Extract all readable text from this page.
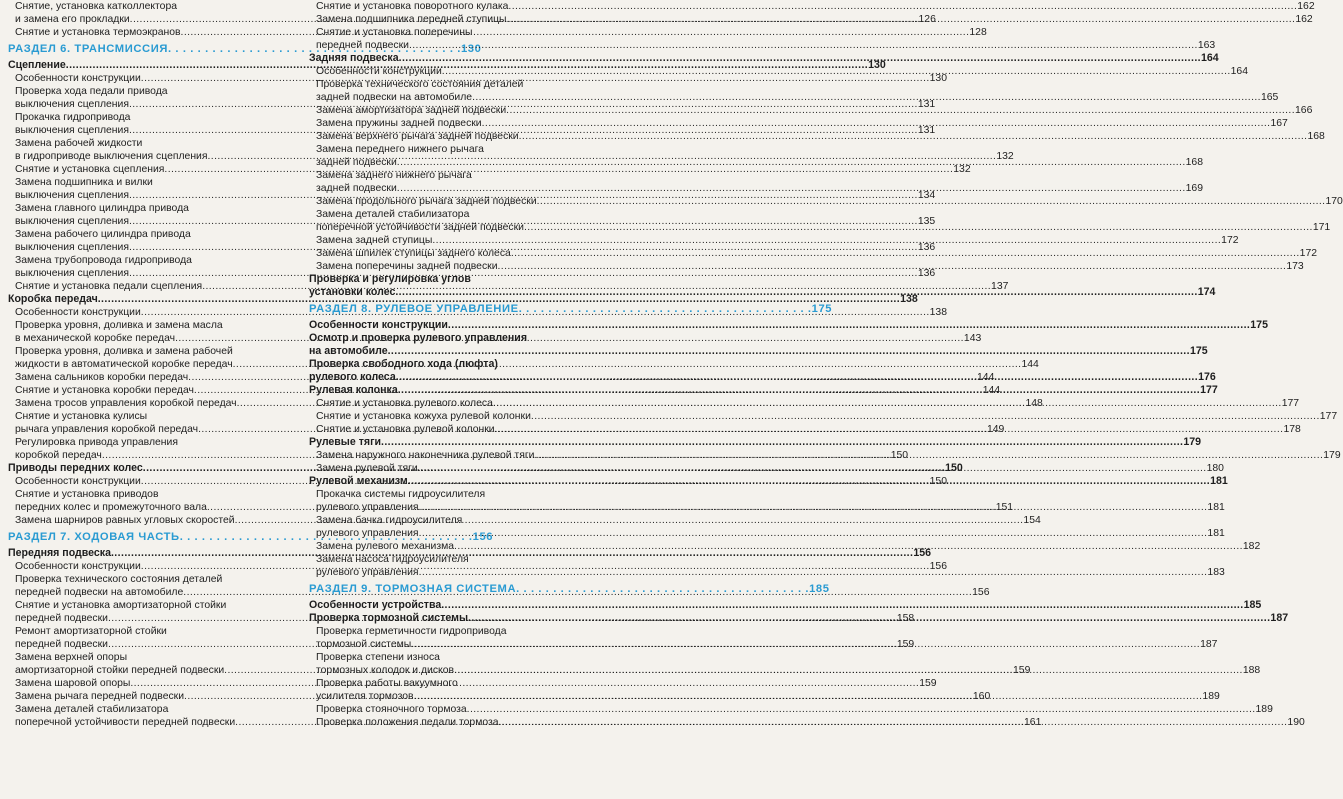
Снятие, установка катколлектора
и замена его прокладки .....	126
Снятие и установка термоэкранов .....	128
РАЗДЕЛ 6. ТРАНСМИССИЯ . . .	130
Сцепление .....	130
Особенности конструкции .....	130
Проверка хода педали привода
выключения сцепления .....	131
Прокачка гидропривода
выключения сцепления .....	131
Замена рабочей жидкости
в гидроприводе выключения сцепления .....	132
Снятие и установка сцепления .....	132
Замена подшипника и вилки
выключения сцепления .....	134
Замена главного цилиндра привода
выключения сцепления .....	135
Замена рабочего цилиндра привода
выключения сцепления .....	136
Замена трубопровода гидропривода
выключения сцепления .....	136
Снятие и установка педали сцепления .....	137
Коробка передач .....	138
Особенности конструкции .....	138
Проверка уровня, доливка и замена масла
в механической коробке передач .....	143
Проверка уровня, доливка и замена рабочей
жидкости в автоматической коробке передач .....	144
Замена сальников коробки передач .....	144
Снятие и установка коробки передач .....	144
Замена тросов управления коробкой передач .....	148
Снятие и установка кулисы
рычага управления коробкой передач .....	149
Регулировка привода управления
коробкой передач .....	150
Приводы передних колес .....	150
Особенности конструкции .....	150
Снятие и установка приводов
передних колес и промежуточного вала .....	151
Замена шарниров равных угловых скоростей .....	154
РАЗДЕЛ 7. ХОДОВАЯ ЧАСТЬ . . .	156
Передняя подвеска .....	156
Особенности конструкции .....	156
Проверка технического состояния деталей
передней подвески на автомобиле .....	156
Снятие и установка амортизаторной стойки
передней подвески .....	158
Ремонт амортизаторной стойки
передней подвески .....	159
Замена верхней опоры
амортизаторной стойки передней подвески .....	159
Замена шаровой опоры .....	159
Замена рычага передней подвески .....	160
Замена деталей стабилизатора
поперечной устойчивости передней подвески .....	161
Снятие и установка поворотного кулака .....	162
Замена подшипника передней ступицы .....	162
Снятие и установка поперечины
передней подвески .....	163
Задняя подвеска .....	164
Особенности конструкции .....	164
Проверка технического состояния деталей
задней подвески на автомобиле .....	165
Замена амортизатора задней подвески .....	166
Замена пружины задней подвески .....	167
Замена верхнего рычага задней подвески .....	168
Замена переднего нижнего рычага
задней подвески .....	168
Замена заднего нижнего рычага
задней подвески .....	169
Замена продольного рычага задней подвески .....	170
Замена деталей стабилизатора
поперечной устойчивости задней подвески .....	171
Замена задней ступицы .....	172
Замена шпилек ступицы заднего колеса .....	172
Замена поперечины задней подвески .....	173
Проверка и регулировка углов
установки колес .....	174
РАЗДЕЛ 8. РУЛЕВОЕ УПРАВЛЕНИЕ . . .	175
Особенности конструкции .....	175
Осмотр и проверка рулевого управления
на автомобиле .....	175
Проверка свободного хода (люфта)
рулевого колеса .....	176
Рулевая колонка .....	177
Снятие и установка рулевого колеса .....	177
Снятие и установка кожуха рулевой колонки .....	177
Снятие и установка рулевой колонки .....	178
Рулевые тяги .....	179
Замена наружного наконечника рулевой тяги .....	179
Замена рулевой тяги .....	180
Рулевой механизм .....	181
Прокачка системы гидроусилителя
рулевого управления .....	181
Замена бачка гидроусилителя
рулевого управления .....	181
Замена рулевого механизма .....	182
Замена насоса гидроусилителя
рулевого управления .....	183
РАЗДЕЛ 9. ТОРМОЗНАЯ СИСТЕМА . . .	185
Особенности устройства .....	185
Проверка тормозной системы .....	187
Проверка герметичности гидропривода
тормозной системы .....	187
Проверка степени износа
тормозных колодок и дисков .....	188
Проверка работы вакуумного
усилителя тормозов .....	189
Проверка стояночного тормоза .....	189
Проверка положения педали тормоза .....	190
